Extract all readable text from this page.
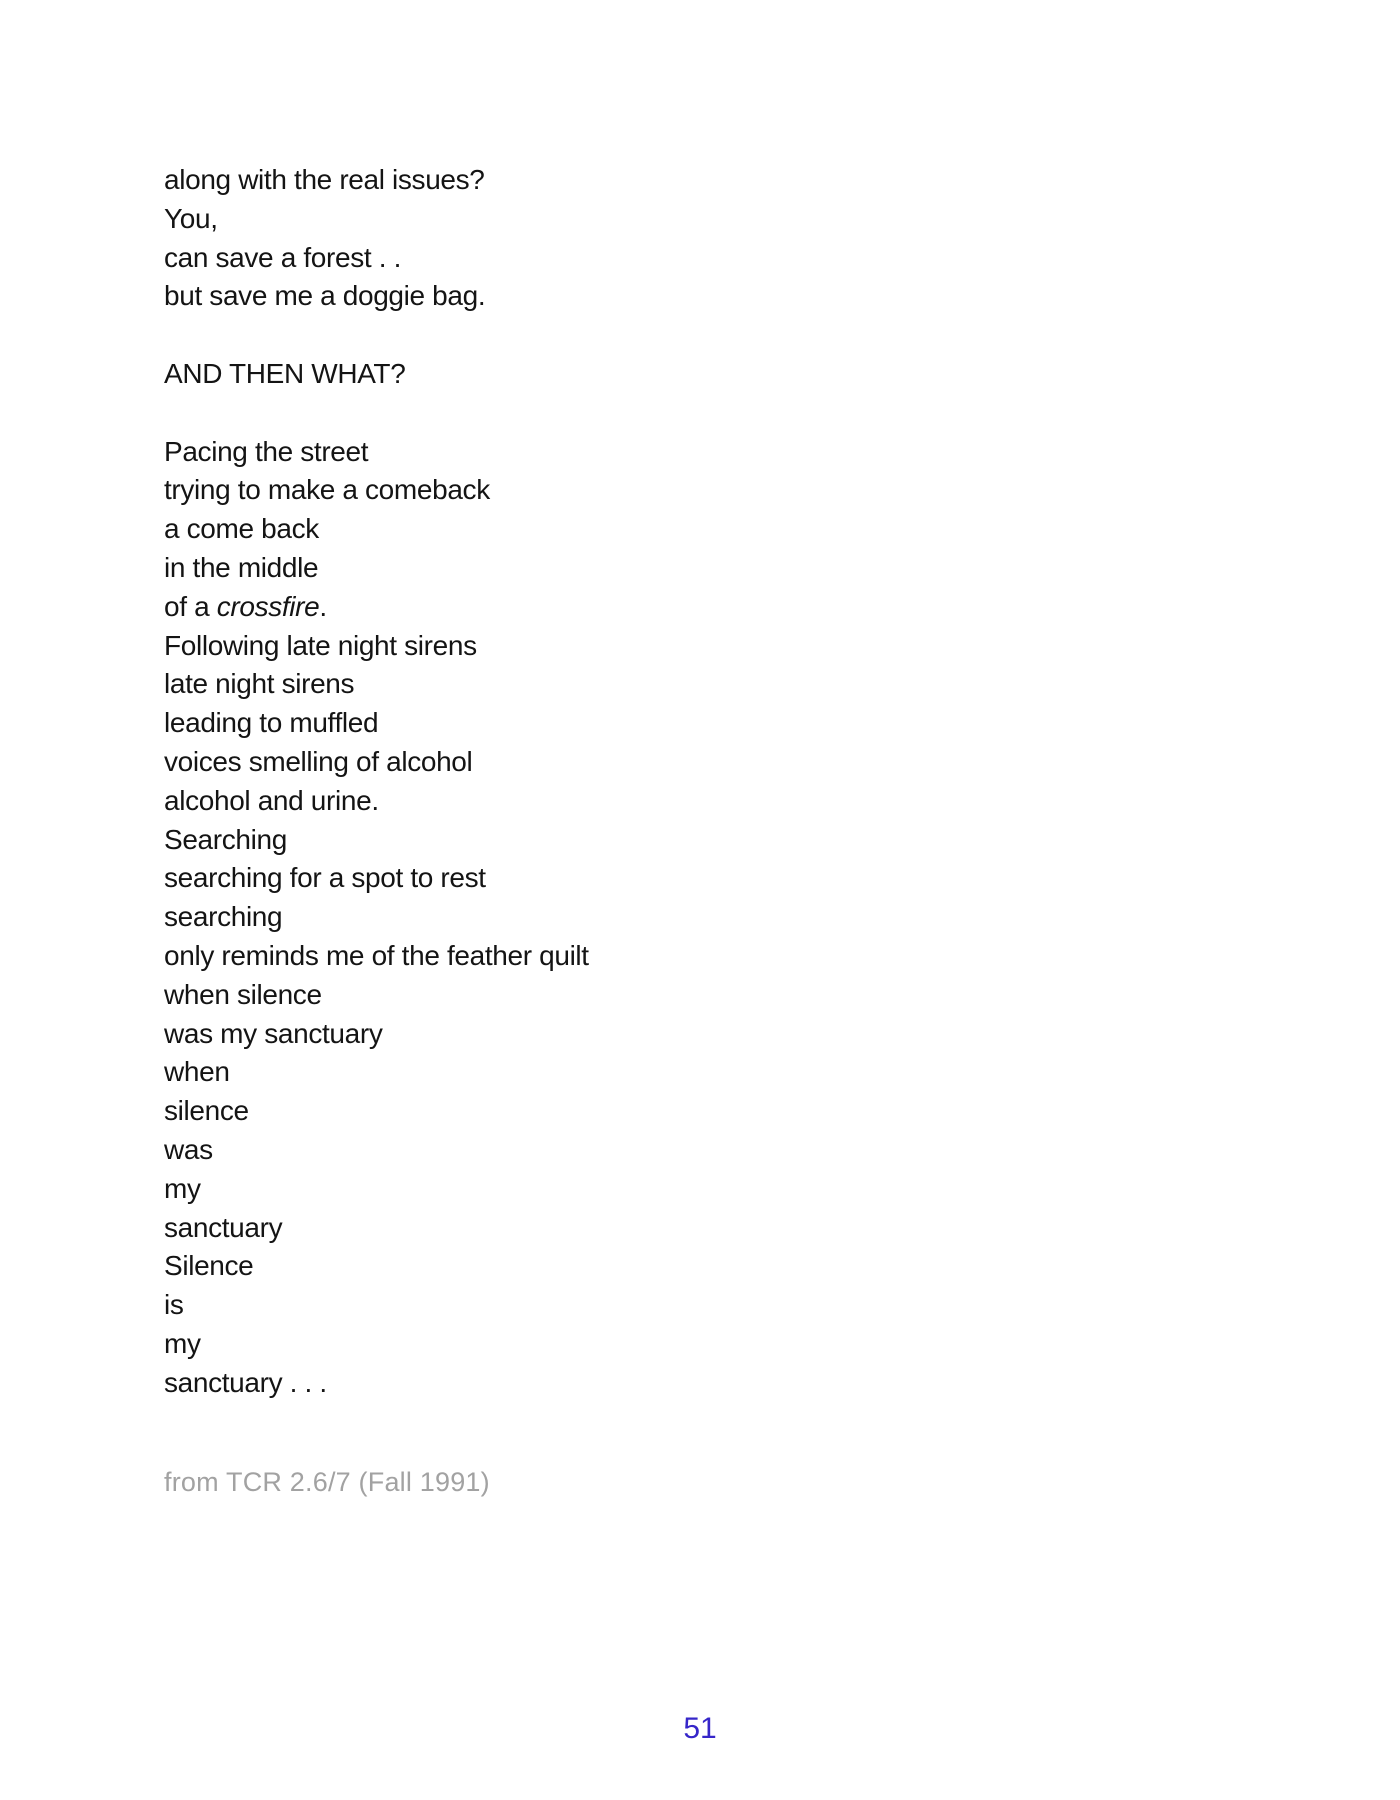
along with the real issues?
You,
can save a forest . .
but save me a doggie bag.
AND THEN WHAT?
Pacing the street
trying to make a comeback
a come back
in the middle
of a crossfire.
Following late night sirens
late night sirens
leading to muffled
voices smelling of alcohol
alcohol and urine.
Searching
searching for a spot to rest
searching
only reminds me of the feather quilt
when silence
was my sanctuary
when
silence
was
my
sanctuary
Silence
is
my
sanctuary . . .
from TCR 2.6/7 (Fall 1991)
51
